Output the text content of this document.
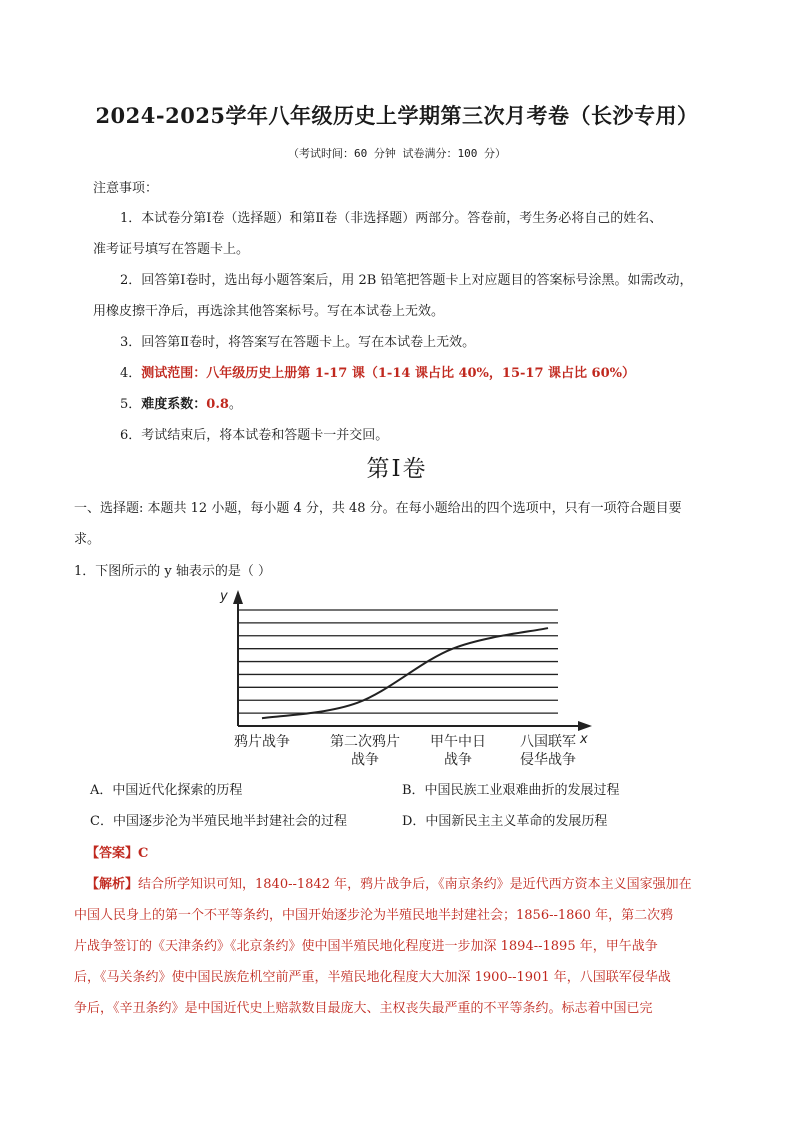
2024-2025学年八年级历史上学期第三次月考卷（长沙专用）
（考试时间：60 分钟 试卷满分：100 分）
注意事项：
1．本试卷分第Ⅰ卷（选择题）和第Ⅱ卷（非选择题）两部分。答卷前，考生务必将自己的姓名、
准考证号填写在答题卡上。
2．回答第Ⅰ卷时，选出每小题答案后，用 2B 铅笔把答题卡上对应题目的答案标号涂黑。如需改动，
用橡皮擦干净后，再选涂其他答案标号。写在本试卷上无效。
3．回答第Ⅱ卷时，将答案写在答题卡上。写在本试卷上无效。
4．测试范围：八年级历史上册第 1-17 课（1-14 课占比 40%，15-17 课占比 60%）
5．难度系数：0.8。
6．考试结束后，将本试卷和答题卡一并交回。
第Ⅰ卷
一、选择题: 本题共 12 小题，每小题 4 分，共 48 分。在每小题给出的四个选项中，只有一项符合题目要
求。
1．下图所示的 y 轴表示的是（ ）
y
x
鸦片战争	第二次鸦片
战争
甲午中日
战争
八国联军
侵华战争
A．中国近代化探索的历程	B．中国民族工业艰难曲折的发展过程
C．中国逐步沦为半殖民地半封建社会的过程	D．中国新民主主义革命的发展历程
【答案】C
【解析】结合所学知识可知，1840--1842 年，鸦片战争后，《南京条约》是近代西方资本主义国家强加在
中国人民身上的第一个不平等条约，中国开始逐步沦为半殖民地半封建社会；1856--1860 年，第二次鸦
片战争签订的《天津条约》《北京条约》使中国半殖民地化程度进一步加深 1894--1895 年，甲午战争
后，《马关条约》使中国民族危机空前严重，半殖民地化程度大大加深 1900--1901 年，八国联军侵华战
争后，《辛丑条约》是中国近代史上赔款数目最庞大、主权丧失最严重的不平等条约。标志着中国已完
